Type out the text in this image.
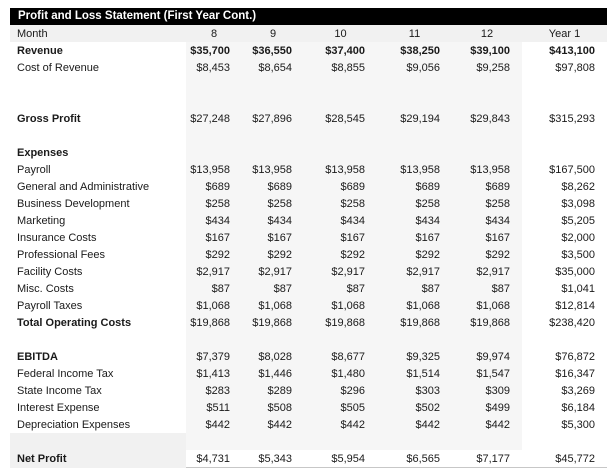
Profit and Loss Statement (First Year Cont.)
Month	8	9	10	11	12	Year 1
Revenue	$35,700	$36,550	$37,400	$38,250	$39,100	$413,100
Cost of Revenue	$8,453	$8,654	$8,855	$9,056	$9,258	$97,808

Gross Profit	$27,248	$27,896	$28,545	$29,194	$29,843	$315,293

Expenses						
Payroll	$13,958	$13,958	$13,958	$13,958	$13,958	$167,500
General and Administrative	$689	$689	$689	$689	$689	$8,262
Business Development	$258	$258	$258	$258	$258	$3,098
Marketing	$434	$434	$434	$434	$434	$5,205
Insurance Costs	$167	$167	$167	$167	$167	$2,000
Professional Fees	$292	$292	$292	$292	$292	$3,500
Facility Costs	$2,917	$2,917	$2,917	$2,917	$2,917	$35,000
Misc. Costs	$87	$87	$87	$87	$87	$1,041
Payroll Taxes	$1,068	$1,068	$1,068	$1,068	$1,068	$12,814
Total Operating Costs	$19,868	$19,868	$19,868	$19,868	$19,868	$238,420

EBITDA	$7,379	$8,028	$8,677	$9,325	$9,974	$76,872
Federal Income Tax	$1,413	$1,446	$1,480	$1,514	$1,547	$16,347
State Income Tax	$283	$289	$296	$303	$309	$3,269
Interest Expense	$511	$508	$505	$502	$499	$6,184
Depreciation Expenses	$442	$442	$442	$442	$442	$5,300

Net Profit	$4,731	$5,343	$5,954	$6,565	$7,177	$45,772
